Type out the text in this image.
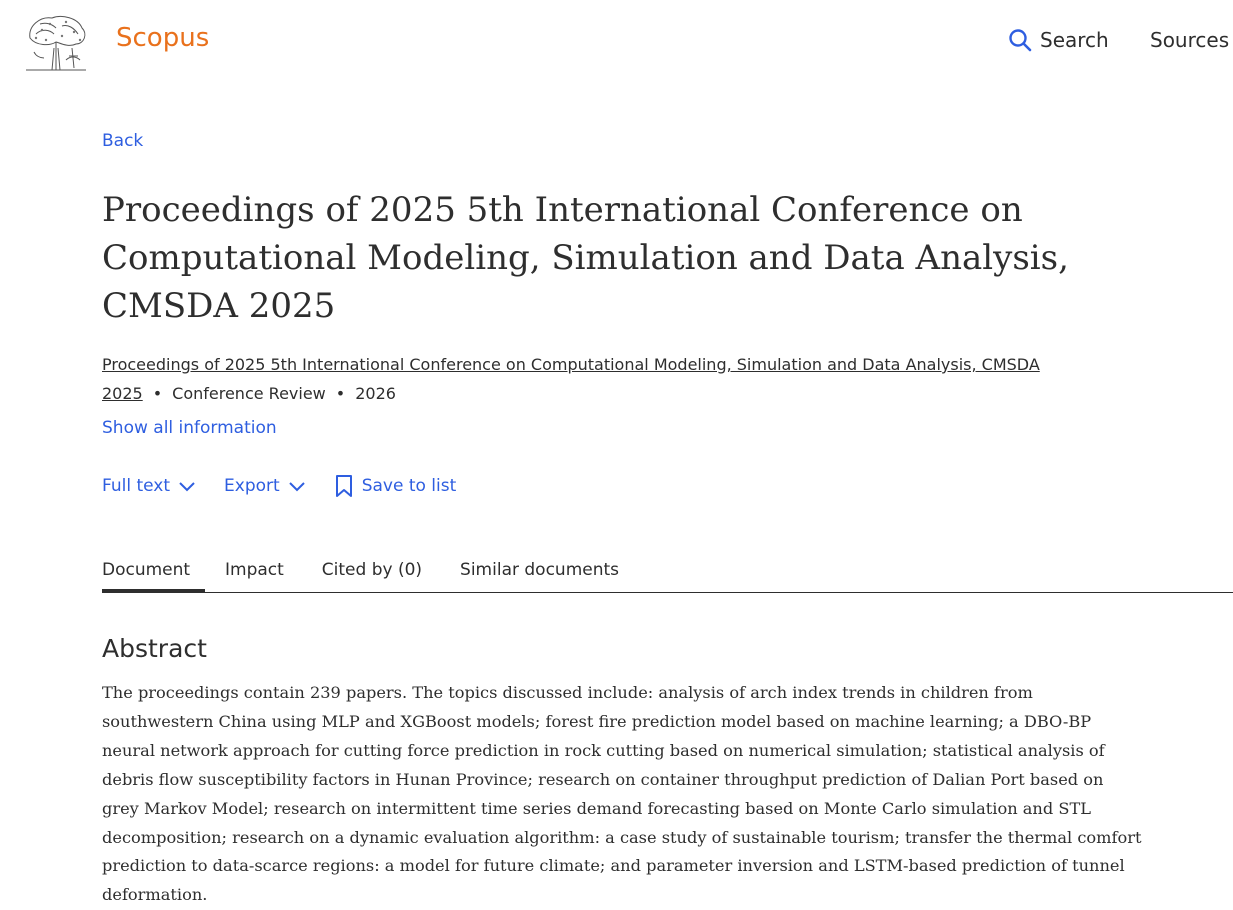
Scopus	Search Sources
Back
Proceedings of 2025 5th International Conference on Computational Modeling, Simulation and Data Analysis, CMSDA 2025
Proceedings of 2025 5th International Conference on Computational Modeling, Simulation and Data Analysis, CMSDA 2025 • Conference Review • 2026
Show all information
Full text	Export	Save to list
Document	Impact Cited by (0) Similar documents
Abstract

The proceedings contain 239 papers. The topics discussed include: analysis of arch index trends in children from southwestern China using MLP and XGBoost models; forest fire prediction model based on machine learning; a DBO-BP neural network approach for cutting force prediction in rock cutting based on numerical simulation; statistical analysis of debris flow susceptibility factors in Hunan Province; research on container throughput prediction of Dalian Port based on grey Markov Model; research on intermittent time series demand forecasting based on Monte Carlo simulation and STL decomposition; research on a dynamic evaluation algorithm: a case study of sustainable tourism; transfer the thermal comfort prediction to data-scarce regions: a model for future climate; and parameter inversion and LSTM-based prediction of tunnel deformation.
